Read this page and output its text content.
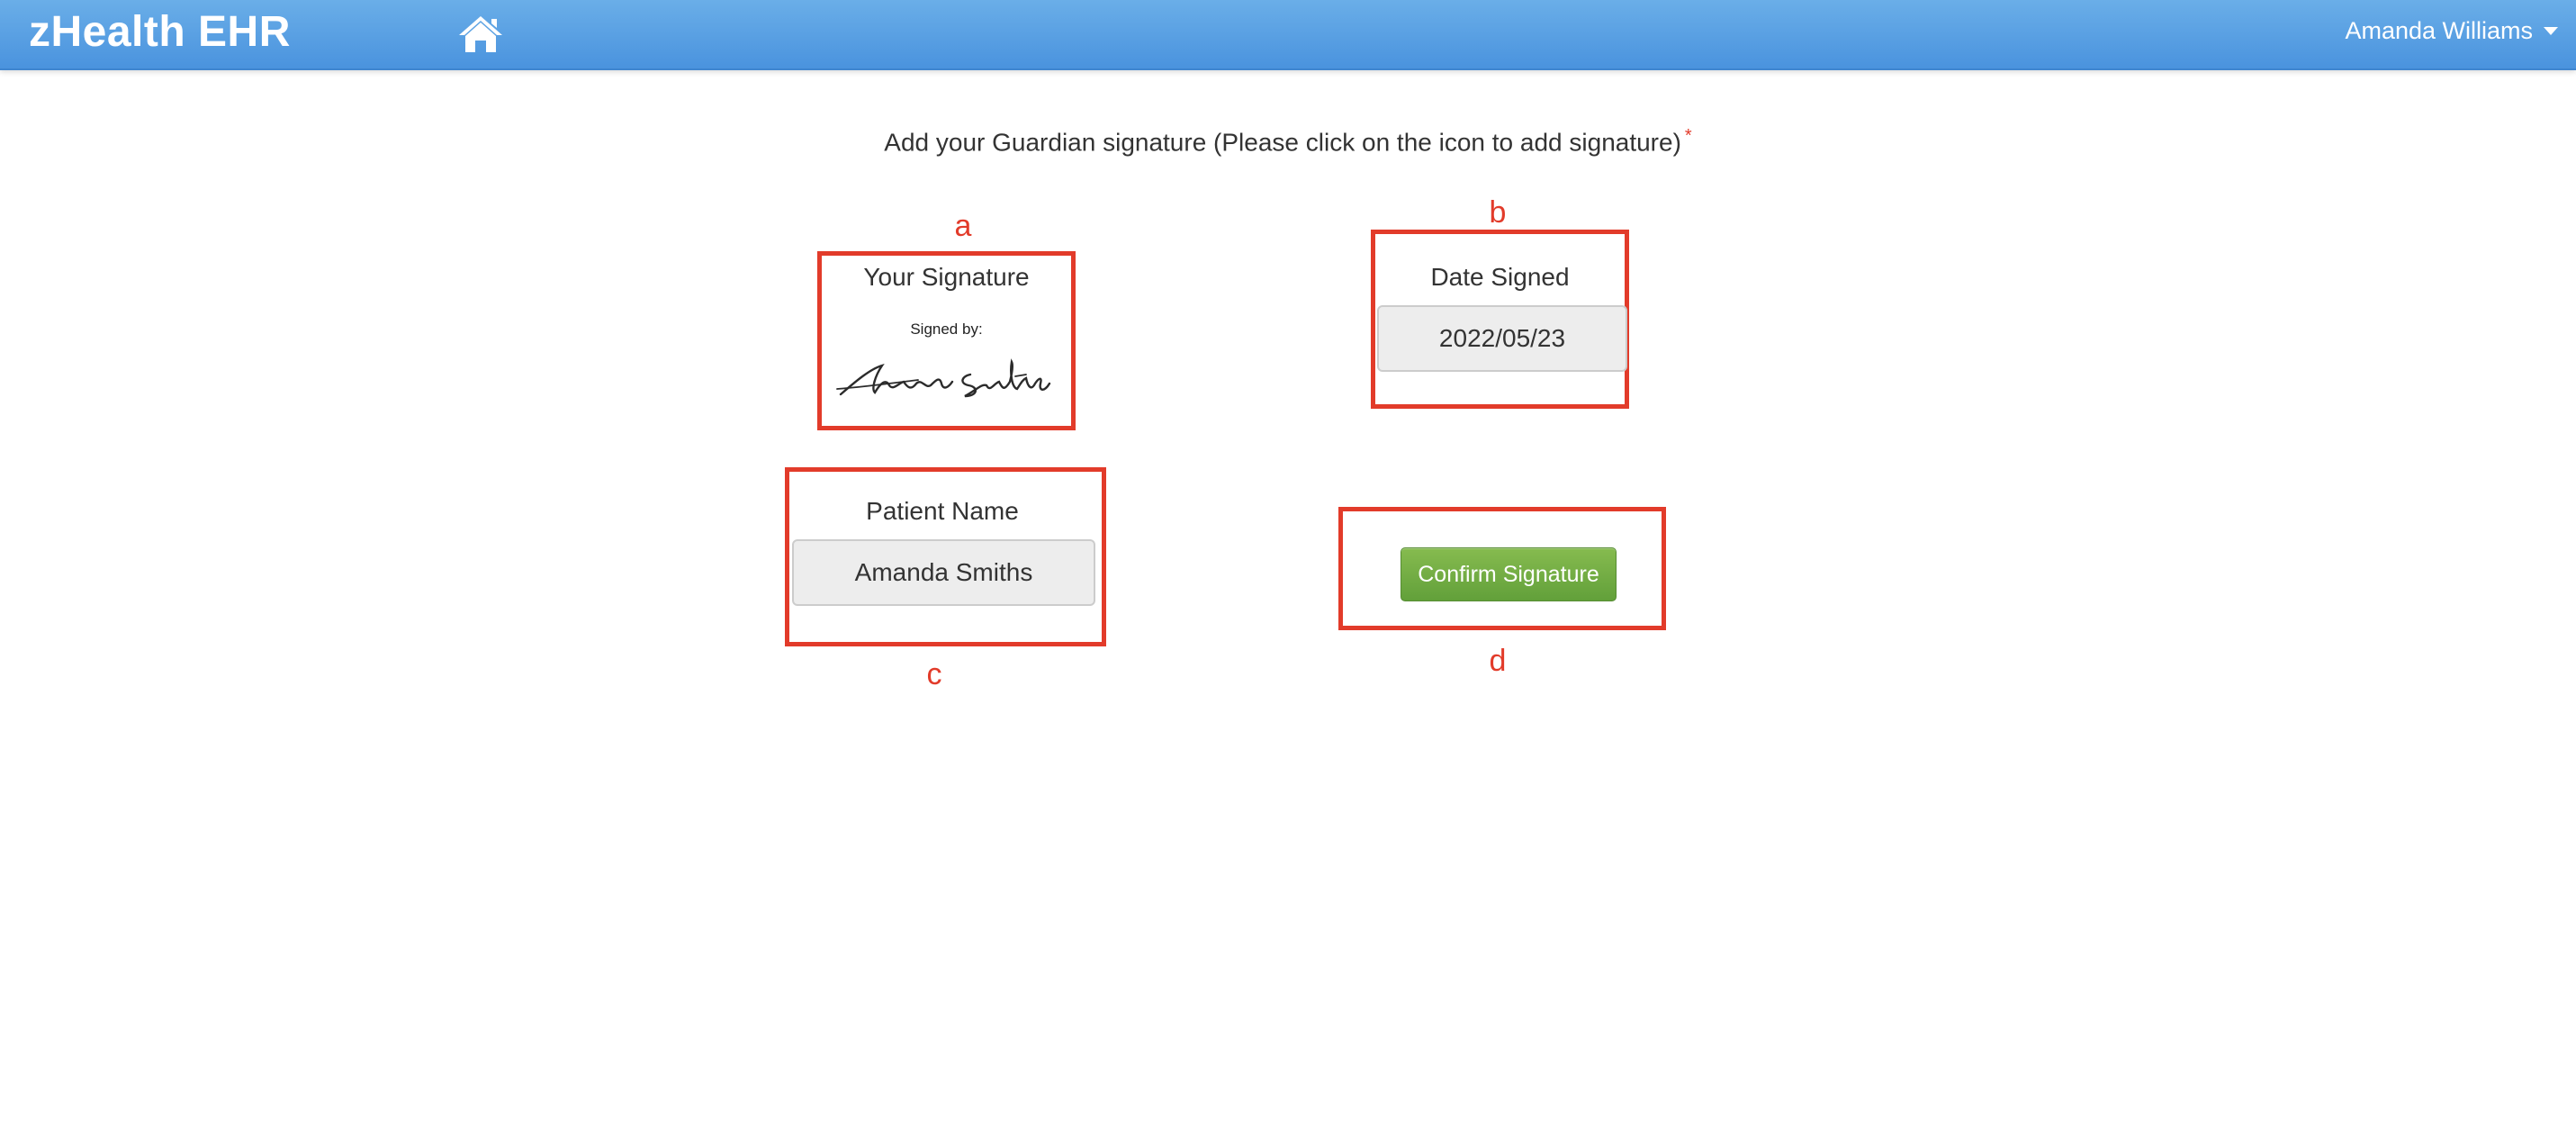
zHealth EHR	Amanda Williams
Add your Guardian signature (Please click on the icon to add signature) *
a
Your Signature
Signed by:
b
Date Signed
2022/05/23
Patient Name
Amanda Smiths
c
Confirm Signature
d
